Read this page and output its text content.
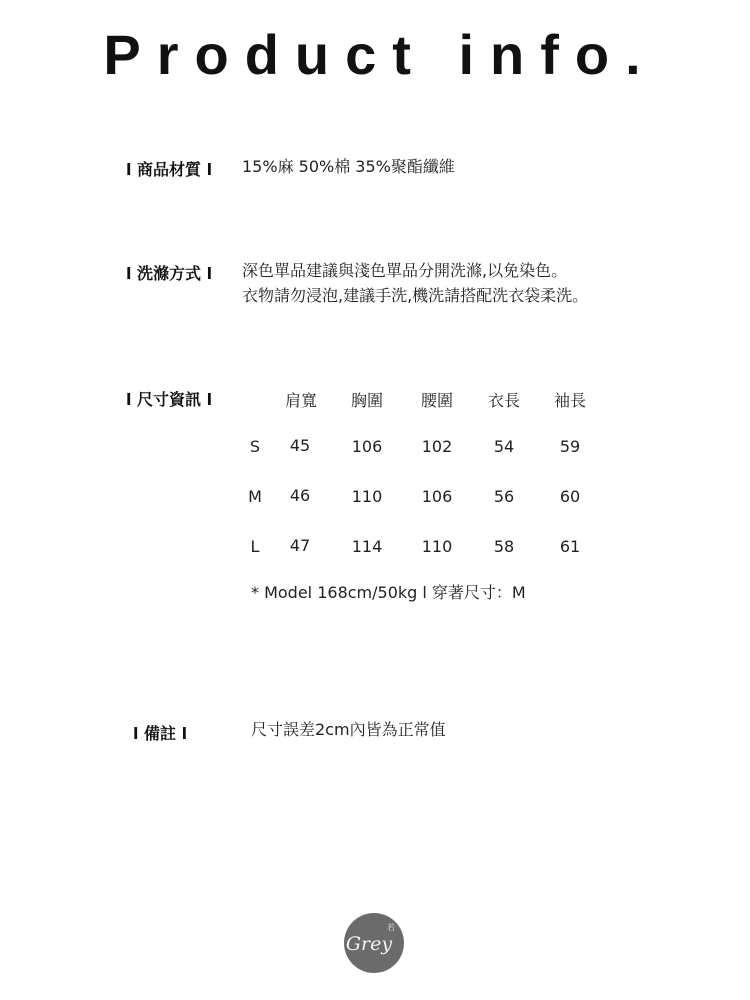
Product info.
l 商品材質 l 15%麻 50%棉 35%聚酯纖維
l 洗滌方式 l 深色單品建議與淺色單品分開洗滌,以免染色。
衣物請勿浸泡,建議手洗,機洗請搭配洗衣袋柔洗。
l 尺寸資訊 l	肩寬 胸圍 腰圍 衣長 袖長
S 45	106 102	54	59
M 46	110 106	56	60
L 47	114 110	58	61
* Model 168cm/50kg l 穿著尺寸：M
l 備註 l	尺寸誤差2cm內皆為正常值
Grey
若
